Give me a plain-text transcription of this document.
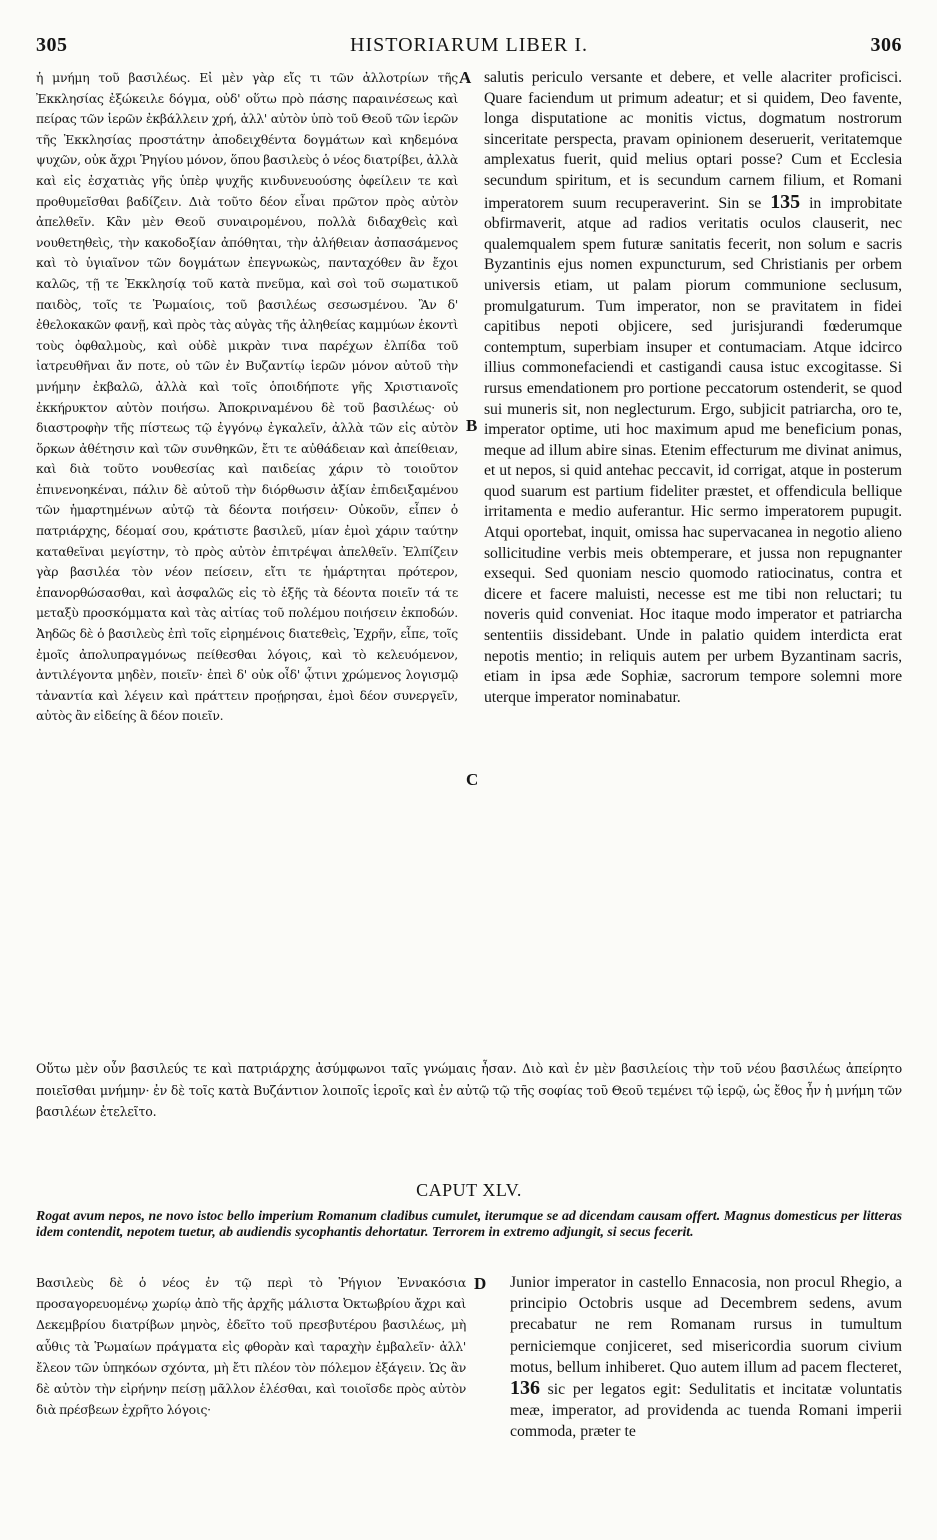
305	HISTORIARUM LIBER I.	306

ἡ μνήμη τοῦ βασιλέως. Εἰ μὲν γὰρ εἴς τι τῶν ἀλλοτρίων τῆς Ἐκκλησίας ἐξώκειλε δόγμα, οὐδ' οὕτω πρὸ πάσης παραινέσεως καὶ πείρας τῶν ἱερῶν ἐκβάλλειν χρή, ἀλλ' αὐτὸν ὑπὸ τοῦ Θεοῦ τῶν ἱερῶν τῆς Ἐκκλησίας προστάτην ἀποδειχθέντα δογμάτων καὶ κηδεμόνα ψυχῶν, οὐκ ἄχρι Ῥηγίου μόνον, ὅπου βασιλεὺς ὁ νέος διατρίβει, ἀλλὰ καὶ εἰς ἐσχατιὰς γῆς ὑπὲρ ψυχῆς κινδυνευούσης ὀφείλειν τε καὶ προθυμεῖσθαι βαδίζειν. Διὰ τοῦτο δέον εἶναι πρῶτον πρὸς αὐτὸν ἀπελθεῖν. Κἂν μὲν Θεοῦ συναιρομένου, πολλὰ διδαχθεὶς καὶ νουθετηθεὶς, τὴν κακοδοξίαν ἀπόθηται, τὴν ἀλήθειαν ἀσπασάμενος καὶ τὸ ὑγιαῖνον τῶν δογμάτων ἐπεγνωκὼς, πανταχόθεν ἂν ἔχοι καλῶς, τῇ τε Ἐκκλησίᾳ τοῦ κατὰ πνεῦμα, καὶ σοὶ τοῦ σωματικοῦ παιδὸς, τοῖς τε Ῥωμαίοις, τοῦ βασιλέως σεσωσμένου. Ἂν δ' ἐθελοκακῶν φανῇ, καὶ πρὸς τὰς αὐγὰς τῆς ἀληθείας καμμύων ἑκοντὶ τοὺς ὀφθαλμοὺς, καὶ οὐδὲ μικρὰν τινα παρέχων ἐλπίδα τοῦ ἰατρευθῆναι ἄν ποτε, οὐ τῶν ἐν Βυζαντίῳ ἱερῶν μόνον αὐτοῦ τὴν μνήμην ἐκβαλῶ, ἀλλὰ καὶ τοῖς ὁποιδήποτε γῆς Χριστιανοῖς ἐκκήρυκτον αὐτὸν ποιήσω. Ἀποκριναμένου δὲ τοῦ βασιλέως· οὐ διαστροφὴν τῆς πίστεως τῷ ἐγγόνῳ ἐγκαλεῖν, ἀλλὰ τῶν εἰς αὐτὸν ὅρκων ἀθέτησιν καὶ τῶν συνθηκῶν, ἔτι τε αὐθάδειαν καὶ ἀπείθειαν, καὶ διὰ τοῦτο νουθεσίας καὶ παιδείας χάριν τὸ τοιοῦτον ἐπινενοηκέναι, πάλιν δὲ αὐτοῦ τὴν διόρθωσιν ἀξίαν ἐπιδειξαμένου τῶν ἡμαρτημένων αὐτῷ τὰ δέοντα ποιήσειν· Οὐκοῦν, εἶπεν ὁ πατριάρχης, δέομαί σου, κράτιστε βασιλεῦ, μίαν ἐμοὶ χάριν ταύτην καταθεῖναι μεγίστην, τὸ πρὸς αὐτὸν ἐπιτρέψαι ἀπελθεῖν. Ἐλπίζειν γὰρ βασιλέα τὸν νέον πείσειν, εἴτι τε ἡμάρτηται πρότερον, ἐπανορθώσασθαι, καὶ ἀσφαλῶς εἰς τὸ ἑξῆς τὰ δέοντα ποιεῖν τά τε μεταξὺ προσκόμματα καὶ τὰς αἰτίας τοῦ πολέμου ποιήσειν ἐκποδών. Ἀηδῶς δὲ ὁ βασιλεὺς ἐπὶ τοῖς εἰρημένοις διατεθεὶς, Ἐχρῆν, εἶπε, τοῖς ἐμοῖς ἀπολυπραγμόνως πείθεσθαι λόγοις, καὶ τὸ κελευόμενον, ἀντιλέγοντα μηδὲν, ποιεῖν· ἐπεὶ δ' οὐκ οἶδ' ᾧτινι χρώμενος λογισμῷ τἀναντία καὶ λέγειν καὶ πράττειν προῄρησαι, ἐμοὶ δέον συνεργεῖν, αὐτὸς ἂν εἰδείης ἃ δέον ποιεῖν.

A
B
C

salutis periculo versante et debere, et velle alacriter proficisci. Quare faciendum ut primum adeatur; et si quidem, Deo favente, longa disputatione ac monitis victus, dogmatum nostrorum sinceritate perspecta, pravam opinionem deseruerit, veritatemque amplexatus fuerit, quid melius optari posse? Cum et Ecclesia secundum spiritum, et is secundum carnem filium, et Romani imperatorem suum recuperaverint. Sin se 135 in improbitate obfirmaverit, atque ad radios veritatis oculos clauserit, nec qualemqualem spem futuræ sanitatis fecerit, non solum e sacris Byzantinis ejus nomen expuncturum, sed Christianis per orbem universis etiam, ut palam piorum communione seclusum, promulgaturum. Tum imperator, non se pravitatem in fidei capitibus nepoti objicere, sed jurisjurandi fœderumque contemptum, superbiam insuper et contumaciam. Atque idcirco illius commonefaciendi et castigandi causa istuc excogitasse. Si rursus emendationem pro portione peccatorum ostenderit, se quod sui muneris sit, non neglecturum. Ergo, subjicit patriarcha, oro te, imperator optime, uti hoc maximum apud me beneficium ponas, meque ad illum abire sinas. Etenim effecturum me divinat animus, et ut nepos, si quid antehac peccavit, id corrigat, atque in posterum quod suarum est partium fideliter præstet, et offendicula bellique irritamenta e medio auferantur. Hic sermo imperatorem pupugit. Atqui oportebat, inquit, omissa hac supervacanea in negotio alieno sollicitudine verbis meis obtemperare, et jussa non repugnanter exsequi. Sed quoniam nescio quomodo ratiocinatus, contra et dicere et facere maluisti, necesse est me tibi non reluctari; tu noveris quid conveniat. Hoc itaque modo imperator et patriarcha sententiis dissidebant. Unde in palatio quidem interdicta erat nepotis mentio; in reliquis autem per urbem Byzantinam sacris, etiam in ipsa æde Sophiæ, sacrorum tempore solemni more uterque imperator nominabatur.

Οὕτω μὲν οὖν βασιλεύς τε καὶ πατριάρχης ἀσύμφωνοι ταῖς γνώμαις ἦσαν. Διὸ καὶ ἐν μὲν βασιλείοις τὴν τοῦ νέου βασιλέως ἀπείρητο ποιεῖσθαι μνήμην· ἐν δὲ τοῖς κατὰ Βυζάντιον λοιποῖς ἱεροῖς καὶ ἐν αὐτῷ τῷ τῆς σοφίας τοῦ Θεοῦ τεμένει τῷ ἱερῷ, ὡς ἔθος ἦν ἡ μνήμη τῶν βασιλέων ἐτελεῖτο.

CAPUT XLV.

Rogat avum nepos, ne novo istoc bello imperium Romanum cladibus cumulet, iterumque se ad dicendam causam offert. Magnus domesticus per litteras idem contendit, nepotem tuetur, ab audiendis sycophantis dehortatur. Terrorem in extremo adjungit, si secus fecerit.

Βασιλεὺς δὲ ὁ νέος ἐν τῷ περὶ τὸ Ῥήγιον Ἐννακόσια προσαγορευομένῳ χωρίῳ ἀπὸ τῆς ἀρχῆς μάλιστα Ὀκτωβρίου ἄχρι καὶ Δεκεμβρίου διατρίβων μηνὸς, ἐδεῖτο τοῦ πρεσβυτέρου βασιλέως, μὴ αὖθις τὰ Ῥωμαίων πράγματα εἰς φθορὰν καὶ ταραχὴν ἐμβαλεῖν· ἀλλ' ἔλεον τῶν ὑπηκόων σχόντα, μὴ ἔτι πλέον τὸν πόλεμον ἐξάγειν. Ὡς ἂν δὲ αὐτὸν τὴν εἰρήνην πείσῃ μᾶλλον ἑλέσθαι, καὶ τοιοῖσδε πρὸς αὐτὸν διὰ πρέσβεων ἐχρῆτο λόγοις·

D Junior imperator in castello Ennacosia, non procul Rhegio, a principio Octobris usque ad Decembrem sedens, avum precabatur ne rem Romanam rursus in tumultum perniciemque conjiceret, sed misericordia suorum civium motus, bellum inhiberet. Quo autem illum ad pacem flecteret, 136 sic per legatos egit: Sedulitatis et incitatæ voluntatis meæ, imperator, ad providenda ac tuenda Romani imperii commoda, præter te
